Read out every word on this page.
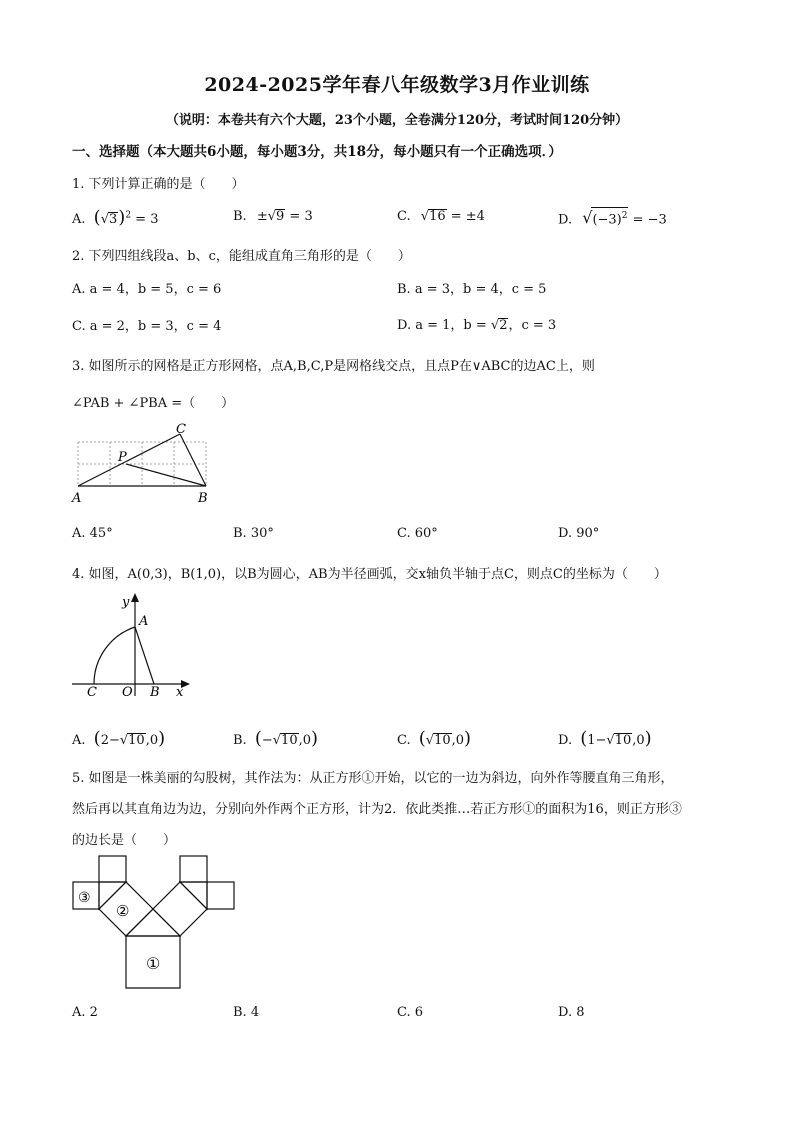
2024-2025学年春八年级数学3月作业训练
（说明：本卷共有六个大题，23个小题，全卷满分120分，考试时间120分钟）
一、选择题（本大题共6小题，每小题3分，共18分，每小题只有一个正确选项．）
1. 下列计算正确的是（　　）
A. $(√3)^2 = 3$	B. ±√9 = 3	C. √16 = ±4	D. $√(-3)^2 = -3$
2. 下列四组线段a、b、c，能组成直角三角形的是（　　）
A. a = 4，b = 5，c = 6	B. a = 3，b = 4，c = 5
C. a = 2，b = 3，c = 4	D. a = 1，b = √2，c = 3
3. 如图所示的网格是正方形网格，点A,B,C,P是网格线交点，且点P在∨ABC的边AC上，则
∠PAB + ∠PBA =（　　）
A	B
C
P
A. 45°	B. 30°	C. 60°	D. 90°
4. 如图，A(0,3)，B(1,0)，以B为圆心，AB为半径画弧，交x轴负半轴于点C，则点C的坐标为（　　）
y
x
A
B
C O
A. (2−√10,0)	B. (−√10,0)	C. (√10,0)	D. (1−√10,0)
5. 如图是一株美丽的勾股树，其作法为：从正方形①开始，以它的一边为斜边，向外作等腰直角三角形，
然后再以其直角边为边，分别向外作两个正方形，计为2．依此类推…若正方形①的面积为16，则正方形③
的边长是（　　）
①
②
③
A. 2	B. 4	C. 6	D. 8
